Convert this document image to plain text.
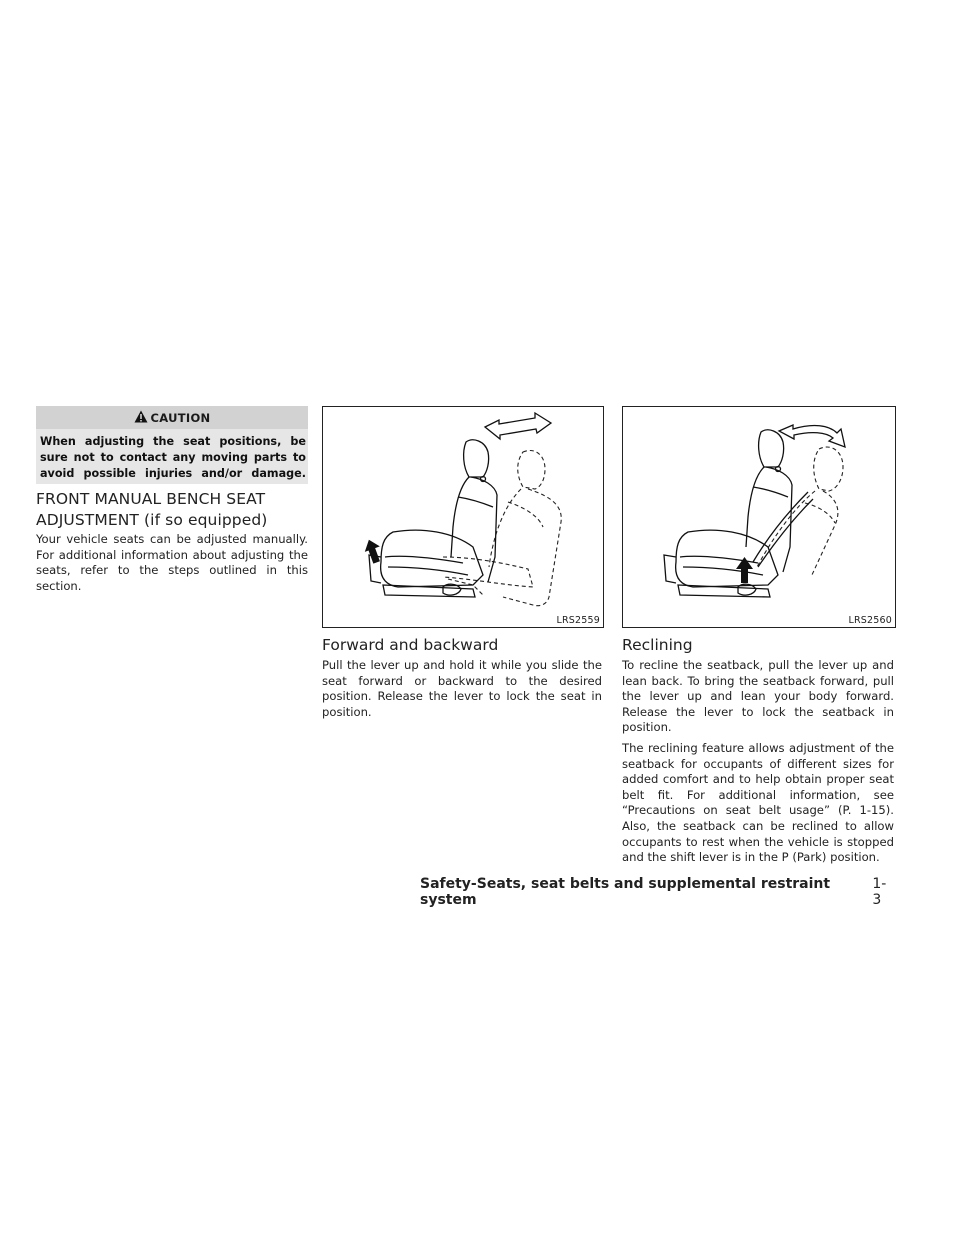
CAUTION
When adjusting the seat positions, be sure not to contact any moving parts to avoid possible injuries and/or damage.
FRONT MANUAL BENCH SEAT
ADJUSTMENT (if so equipped)
Your vehicle seats can be adjusted manually. For additional information about adjusting the seats, refer to the steps outlined in this section.
LRS2559	LRS2560
Forward and backward
Pull the lever up and hold it while you slide the seat forward or backward to the desired position. Release the lever to lock the seat in position.
Reclining
To recline the seatback, pull the lever up and lean back. To bring the seatback forward, pull the lever up and lean your body forward. Release the lever to lock the seatback in position.
The reclining feature allows adjustment of the seatback for occupants of different sizes for added comfort and to help obtain proper seat belt fit. For additional information, see “Precautions on seat belt usage” (P. 1-15). Also, the seatback can be reclined to allow occupants to rest when the vehicle is stopped and the shift lever is in the P (Park) position.
Safety-Seats, seat belts and supplemental restraint system
1-3
